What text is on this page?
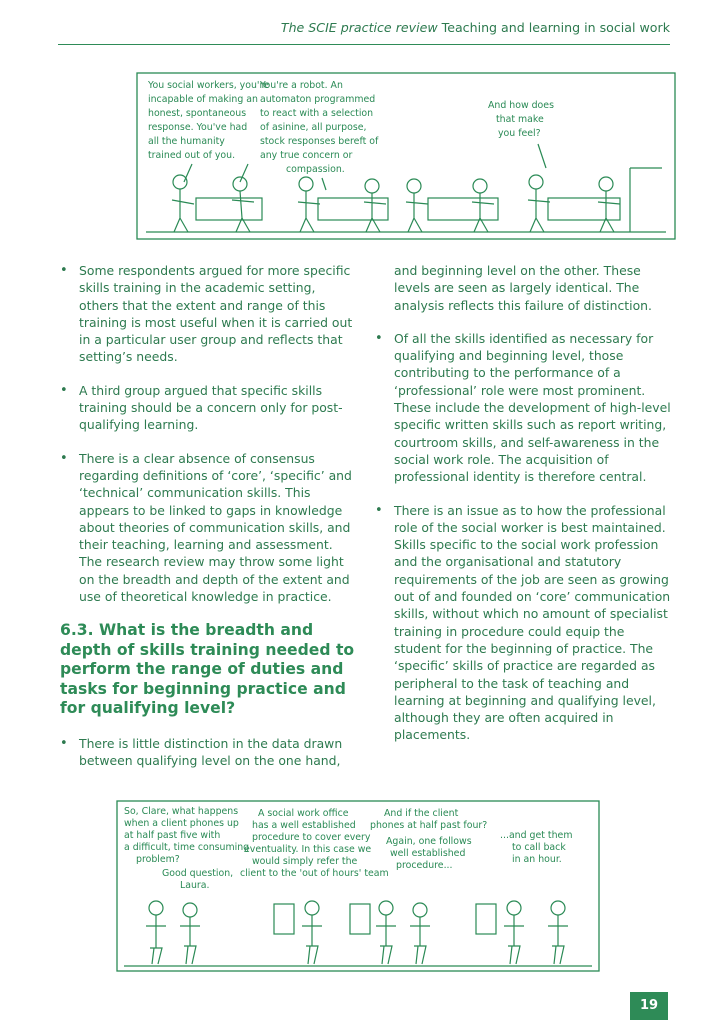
The SCIE practice review Teaching and learning in social work
You social workers, you're incapable of making an honest, spontaneous response. You've had all the humanity trained out of you.
You're a robot. An automaton programmed to react with a selection of asinine, all purpose, stock responses bereft of any true concern or compassion.
And how does that make you feel?
• Some respondents argued for more specific skills training in the academic setting, others that the extent and range of this training is most useful when it is carried out in a particular user group and reflects that setting’s needs.
• A third group argued that specific skills training should be a concern only for post-qualifying learning.
• There is a clear absence of consensus regarding definitions of ‘core’, ‘specific’ and ‘technical’ communication skills. This appears to be linked to gaps in knowledge about theories of communication skills, and their teaching, learning and assessment. The research review may throw some light on the breadth and depth of the extent and use of theoretical knowledge in practice.
6.3. What is the breadth and depth of skills training needed to perform the range of duties and tasks for beginning practice and for qualifying level?
• There is little distinction in the data drawn between qualifying level on the one hand,
and beginning level on the other. These levels are seen as largely identical. The analysis reflects this failure of distinction.
• Of all the skills identified as necessary for qualifying and beginning level, those contributing to the performance of a ‘professional’ role were most prominent. These include the development of high-level specific written skills such as report writing, courtroom skills, and self-awareness in the social work role. The acquisition of professional identity is therefore central.
• There is an issue as to how the professional role of the social worker is best maintained. Skills specific to the social work profession and the organisational and statutory requirements of the job are seen as growing out of and founded on ‘core’ communication skills, without which no amount of specialist training in procedure could equip the student for the beginning of practice. The ‘specific’ skills of practice are regarded as peripheral to the task of teaching and learning at beginning and qualifying level, although they are often acquired in placements.
So, Clare, what happens when a client phones up at half past five with a difficult, time consuming problem?
Good question, Laura.
A social work office has a well established procedure to cover every eventuality. In this case we would simply refer the client to the 'out of hours' team
And if the client phones at half past four?
Again, one follows well established procedure...
...and get them to call back in an hour.
19
